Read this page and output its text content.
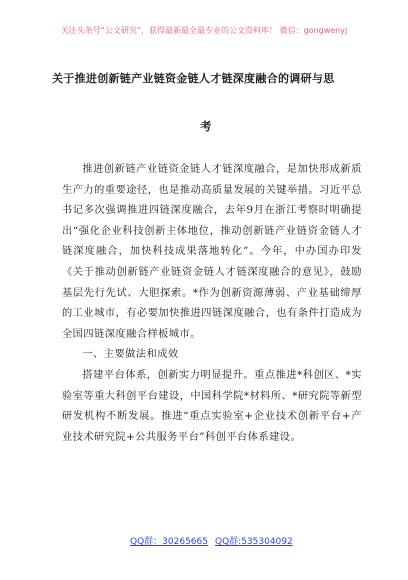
关注头条号“公文研究”，获得最新最全最专业的公文资料库！ 微信：gongwenyj
关于推进创新链产业链资金链人才链深度融合的调研与思
考

推进创新链产业链资金链人才链深度融合，是加快形成新质生产力的重要途径，也是推动高质量发展的关键举措。习近平总书记多次强调推进四链深度融合，去年9月在浙江考察时明确提出“强化企业科技创新主体地位，推动创新链产业链资金链人才链深度融合，加快科技成果落地转化”。今年，中办国办印发《关于推动创新链产业链资金链人才链深度融合的意见》，鼓励基层先行先试、大胆探索。*作为创新资源薄弱、产业基础缔厚的工业城市，有必要加快推进四链深度融合，也有条件打造成为全国四链深度融合样板城市。

一、主要做法和成效

搭建平台体系，创新实力明显提升。重点推进*科创区、*实验室等重大科创平台建设，中国科学院*材料所、*研究院等新型研发机构不断发展。推进“重点实验室+企业技术创新平台+产业技术研究院+公共服务平台”科创平台体系建设。

QQ群：30265665 QQ群:535304092
